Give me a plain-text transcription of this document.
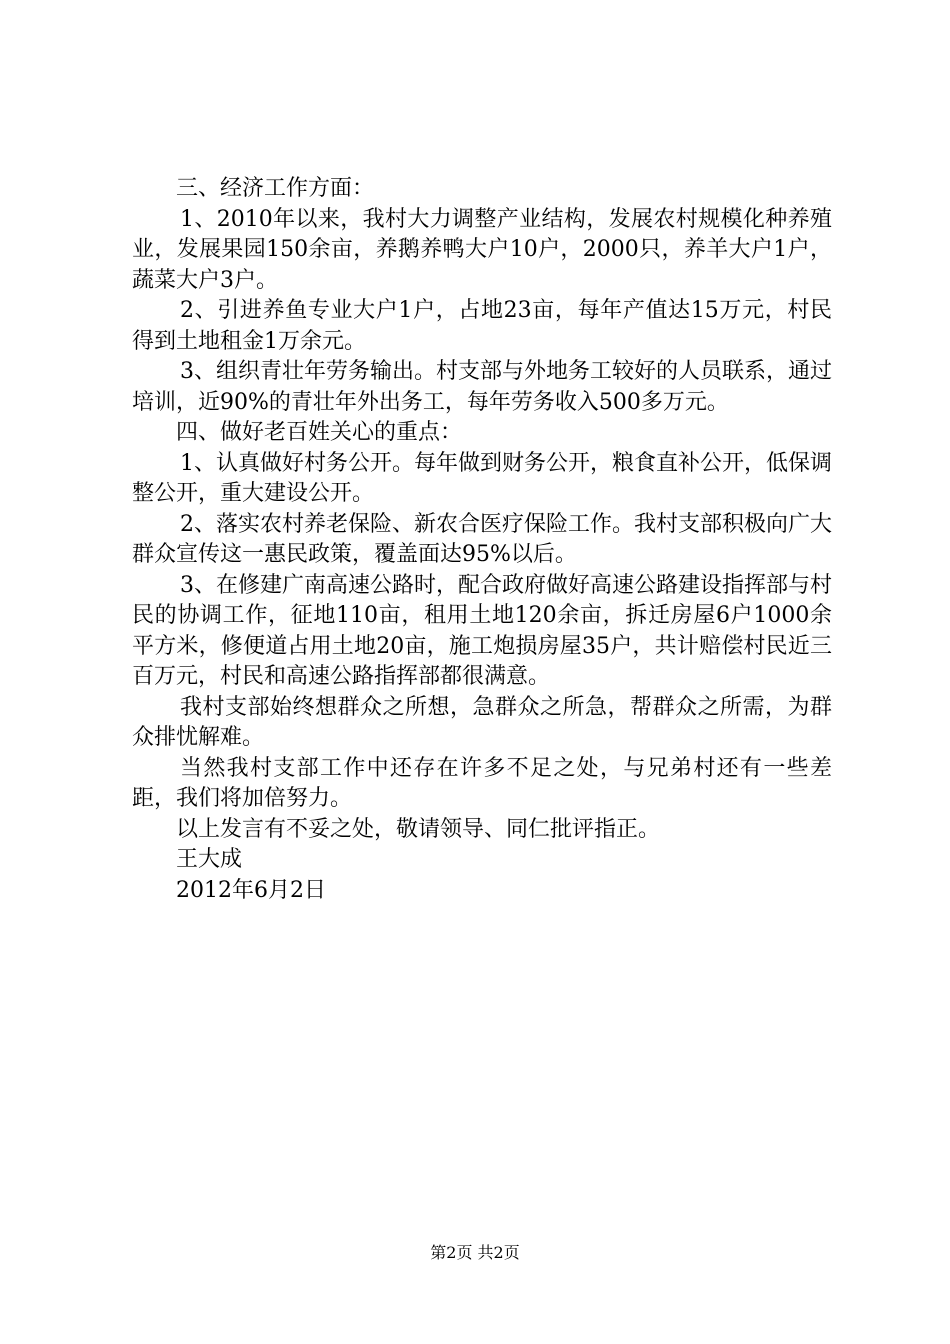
三、经济工作方面：

1、2010年以来，我村大力调整产业结构，发展农村规模化种养殖业，发展果园150余亩，养鹅养鸭大户10户，2000只，养羊大户1户，蔬菜大户3户。

2、引进养鱼专业大户1户，占地23亩，每年产值达15万元，村民得到土地租金1万余元。

3、组织青壮年劳务输出。村支部与外地务工较好的人员联系，通过培训，近90%的青壮年外出务工，每年劳务收入500多万元。

四、做好老百姓关心的重点：

1、认真做好村务公开。每年做到财务公开，粮食直补公开，低保调整公开，重大建设公开。

2、落实农村养老保险、新农合医疗保险工作。我村支部积极向广大群众宣传这一惠民政策，覆盖面达95%以后。

3、在修建广南高速公路时，配合政府做好高速公路建设指挥部与村民的协调工作，征地110亩，租用土地120余亩，拆迁房屋6户1000余平方米，修便道占用土地20亩，施工炮损房屋35户，共计赔偿村民近三百万元，村民和高速公路指挥部都很满意。

我村支部始终想群众之所想，急群众之所急，帮群众之所需，为群众排忧解难。

当然我村支部工作中还存在许多不足之处，与兄弟村还有一些差距，我们将加倍努力。

以上发言有不妥之处，敬请领导、同仁批评指正。

王大成

2012年6月2日

第2页 共2页
